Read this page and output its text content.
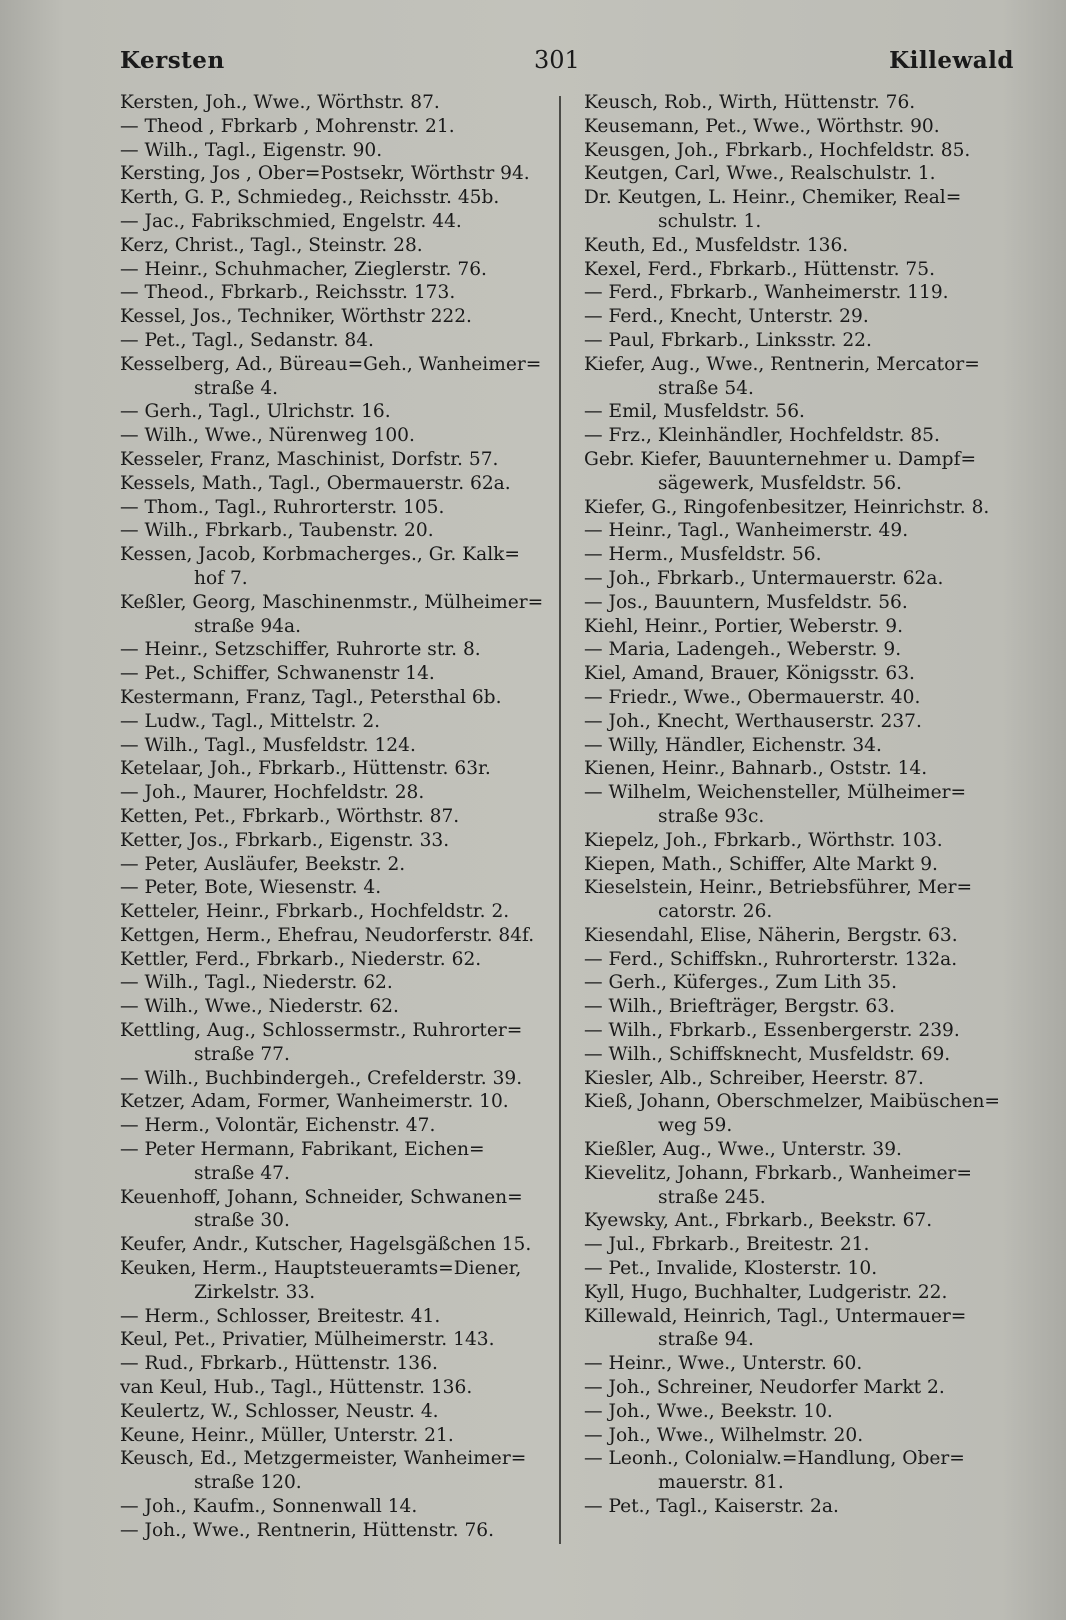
Kersten	301	Killewald
Kersten, Joh., Wwe., Wörthstr. 87.
— Theod , Fbrkarb , Mohrenstr. 21.
— Wilh., Tagl., Eigenstr. 90.
Kersting, Jos , Ober=Postsekr, Wörthstr 94.
Kerth, G. P., Schmiedeg., Reichsstr. 45b.
— Jac., Fabrikschmied, Engelstr. 44.
Kerz, Christ., Tagl., Steinstr. 28.
— Heinr., Schuhmacher, Zieglerstr. 76.
— Theod., Fbrkarb., Reichsstr. 173.
Kessel, Jos., Techniker, Wörthstr 222.
— Pet., Tagl., Sedanstr. 84.
Kesselberg, Ad., Büreau=Geh., Wanheimer=
straße 4.
— Gerh., Tagl., Ulrichstr. 16.
— Wilh., Wwe., Nürenweg 100.
Kesseler, Franz, Maschinist, Dorfstr. 57.
Kessels, Math., Tagl., Obermauerstr. 62a.
— Thom., Tagl., Ruhrorterstr. 105.
— Wilh., Fbrkarb., Taubenstr. 20.
Kessen, Jacob, Korbmacherges., Gr. Kalk=
hof 7.
Keßler, Georg, Maschinenmstr., Mülheimer=
straße 94a.
— Heinr., Setzschiffer, Ruhrorte str. 8.
— Pet., Schiffer, Schwanenstr 14.
Kestermann, Franz, Tagl., Petersthal 6b.
— Ludw., Tagl., Mittelstr. 2.
— Wilh., Tagl., Musfeldstr. 124.
Ketelaar, Joh., Fbrkarb., Hüttenstr. 63r.
— Joh., Maurer, Hochfeldstr. 28.
Ketten, Pet., Fbrkarb., Wörthstr. 87.
Ketter, Jos., Fbrkarb., Eigenstr. 33.
— Peter, Ausläufer, Beekstr. 2.
— Peter, Bote, Wiesenstr. 4.
Ketteler, Heinr., Fbrkarb., Hochfeldstr. 2.
Kettgen, Herm., Ehefrau, Neudorferstr. 84f.
Kettler, Ferd., Fbrkarb., Niederstr. 62.
— Wilh., Tagl., Niederstr. 62.
— Wilh., Wwe., Niederstr. 62.
Kettling, Aug., Schlossermstr., Ruhrorter=
straße 77.
— Wilh., Buchbindergeh., Crefelderstr. 39.
Ketzer, Adam, Former, Wanheimerstr. 10.
— Herm., Volontär, Eichenstr. 47.
— Peter Hermann, Fabrikant, Eichen=
straße 47.
Keuenhoff, Johann, Schneider, Schwanen=
straße 30.
Keufer, Andr., Kutscher, Hagelsgäßchen 15.
Keuken, Herm., Hauptsteueramts=Diener,
Zirkelstr. 33.
— Herm., Schlosser, Breitestr. 41.
Keul, Pet., Privatier, Mülheimerstr. 143.
— Rud., Fbrkarb., Hüttenstr. 136.
van Keul, Hub., Tagl., Hüttenstr. 136.
Keulertz, W., Schlosser, Neustr. 4.
Keune, Heinr., Müller, Unterstr. 21.
Keusch, Ed., Metzgermeister, Wanheimer=
straße 120.
— Joh., Kaufm., Sonnenwall 14.
— Joh., Wwe., Rentnerin, Hüttenstr. 76.
Keusch, Rob., Wirth, Hüttenstr. 76.
Keusemann, Pet., Wwe., Wörthstr. 90.
Keusgen, Joh., Fbrkarb., Hochfeldstr. 85.
Keutgen, Carl, Wwe., Realschulstr. 1.
Dr. Keutgen, L. Heinr., Chemiker, Real=
schulstr. 1.
Keuth, Ed., Musfeldstr. 136.
Kexel, Ferd., Fbrkarb., Hüttenstr. 75.
— Ferd., Fbrkarb., Wanheimerstr. 119.
— Ferd., Knecht, Unterstr. 29.
— Paul, Fbrkarb., Linksstr. 22.
Kiefer, Aug., Wwe., Rentnerin, Mercator=
straße 54.
— Emil, Musfeldstr. 56.
— Frz., Kleinhändler, Hochfeldstr. 85.
Gebr. Kiefer, Bauunternehmer u. Dampf=
sägewerk, Musfeldstr. 56.
Kiefer, G., Ringofenbesitzer, Heinrichstr. 8.
— Heinr., Tagl., Wanheimerstr. 49.
— Herm., Musfeldstr. 56.
— Joh., Fbrkarb., Untermauerstr. 62a.
— Jos., Bauuntern, Musfeldstr. 56.
Kiehl, Heinr., Portier, Weberstr. 9.
— Maria, Ladengeh., Weberstr. 9.
Kiel, Amand, Brauer, Königsstr. 63.
— Friedr., Wwe., Obermauerstr. 40.
— Joh., Knecht, Werthauserstr. 237.
— Willy, Händler, Eichenstr. 34.
Kienen, Heinr., Bahnarb., Oststr. 14.
— Wilhelm, Weichensteller, Mülheimer=
straße 93c.
Kiepelz, Joh., Fbrkarb., Wörthstr. 103.
Kiepen, Math., Schiffer, Alte Markt 9.
Kieselstein, Heinr., Betriebsführer, Mer=
catorstr. 26.
Kiesendahl, Elise, Näherin, Bergstr. 63.
— Ferd., Schiffskn., Ruhrorterstr. 132a.
— Gerh., Küferges., Zum Lith 35.
— Wilh., Briefträger, Bergstr. 63.
— Wilh., Fbrkarb., Essenbergerstr. 239.
— Wilh., Schiffsknecht, Musfeldstr. 69.
Kiesler, Alb., Schreiber, Heerstr. 87.
Kieß, Johann, Oberschmelzer, Maibüschen=
weg 59.
Kießler, Aug., Wwe., Unterstr. 39.
Kievelitz, Johann, Fbrkarb., Wanheimer=
straße 245.
Kyewsky, Ant., Fbrkarb., Beekstr. 67.
— Jul., Fbrkarb., Breitestr. 21.
— Pet., Invalide, Klosterstr. 10.
Kyll, Hugo, Buchhalter, Ludgeristr. 22.
Killewald, Heinrich, Tagl., Untermauer=
straße 94.
— Heinr., Wwe., Unterstr. 60.
— Joh., Schreiner, Neudorfer Markt 2.
— Joh., Wwe., Beekstr. 10.
— Joh., Wwe., Wilhelmstr. 20.
— Leonh., Colonialw.=Handlung, Ober=
mauerstr. 81.
— Pet., Tagl., Kaiserstr. 2a.
